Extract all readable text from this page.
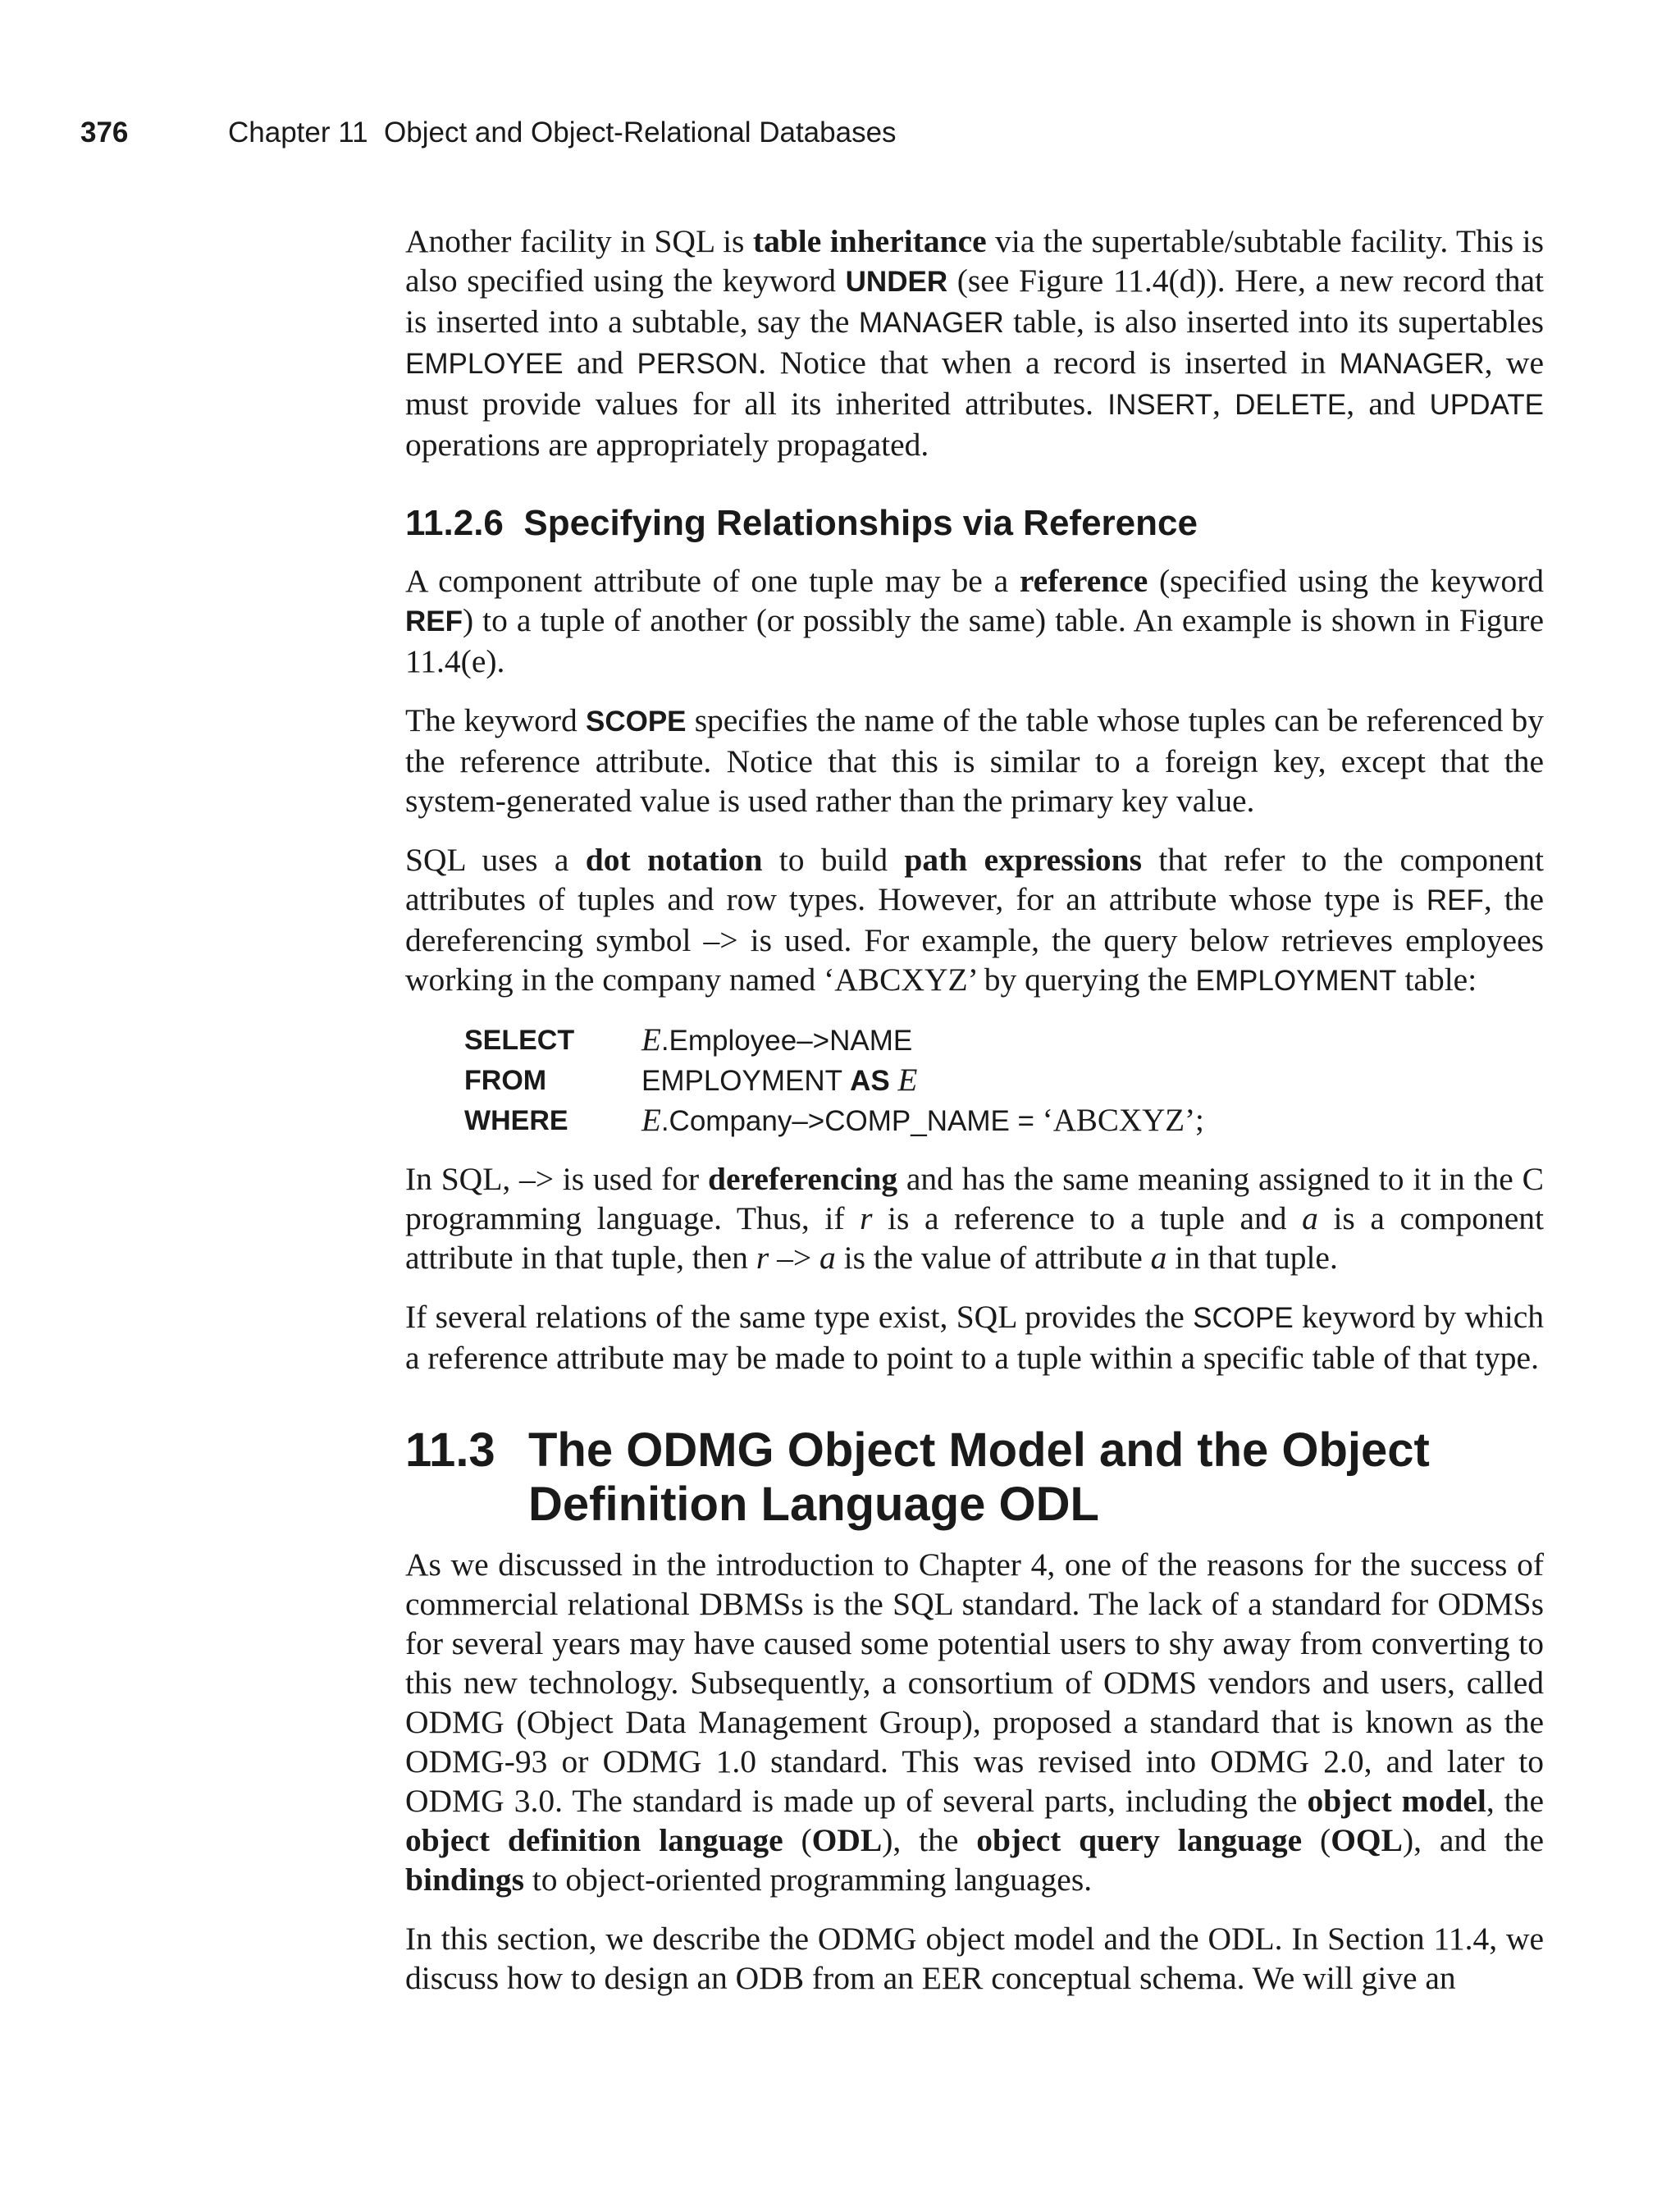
376	Chapter 11  Object and Object-Relational Databases

Another facility in SQL is table inheritance via the supertable/subtable facility. This is also specified using the keyword UNDER (see Figure 11.4(d)). Here, a new record that is inserted into a subtable, say the MANAGER table, is also inserted into its supertables EMPLOYEE and PERSON. Notice that when a record is inserted in MANAGER, we must provide values for all its inherited attributes. INSERT, DELETE, and UPDATE operations are appropriately propagated.

11.2.6  Specifying Relationships via Reference

A component attribute of one tuple may be a reference (specified using the keyword REF) to a tuple of another (or possibly the same) table. An example is shown in Figure 11.4(e).

The keyword SCOPE specifies the name of the table whose tuples can be referenced by the reference attribute. Notice that this is similar to a foreign key, except that the system-generated value is used rather than the primary key value.

SQL uses a dot notation to build path expressions that refer to the component attributes of tuples and row types. However, for an attribute whose type is REF, the dereferencing symbol –> is used. For example, the query below retrieves employees working in the company named ‘ABCXYZ’ by querying the EMPLOYMENT table:

SELECT	E.Employee–>NAME
FROM	EMPLOYMENT AS E
WHERE	E.Company–>COMP_NAME = ‘ABCXYZ’;

In SQL, –> is used for dereferencing and has the same meaning assigned to it in the C programming language. Thus, if r is a reference to a tuple and a is a component attribute in that tuple, then r –> a is the value of attribute a in that tuple.

If several relations of the same type exist, SQL provides the SCOPE keyword by which a reference attribute may be made to point to a tuple within a specific table of that type.

11.3 The ODMG Object Model and the Object Definition Language ODL

As we discussed in the introduction to Chapter 4, one of the reasons for the success of commercial relational DBMSs is the SQL standard. The lack of a standard for ODMSs for several years may have caused some potential users to shy away from converting to this new technology. Subsequently, a consortium of ODMS vendors and users, called ODMG (Object Data Management Group), proposed a standard that is known as the ODMG-93 or ODMG 1.0 standard. This was revised into ODMG 2.0, and later to ODMG 3.0. The standard is made up of several parts, including the object model, the object definition language (ODL), the object query language (OQL), and the bindings to object-oriented programming languages.

In this section, we describe the ODMG object model and the ODL. In Section 11.4, we discuss how to design an ODB from an EER conceptual schema. We will give an
